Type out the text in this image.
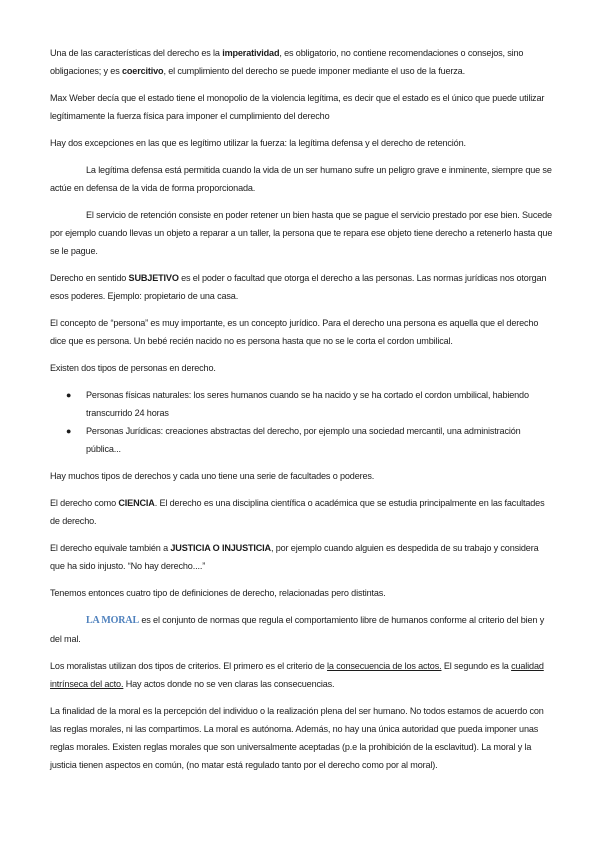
Una de las características del derecho es la imperatividad, es obligatorio, no contiene recomendaciones o consejos, sino obligaciones; y es coercitivo, el cumplimiento del derecho se puede imponer mediante el uso de la fuerza.

Max Weber decía que el estado tiene el monopolio de la violencia legítima, es decir que el estado es el único que puede utilizar legítimamente la fuerza física para imponer el cumplimiento del derecho

Hay dos excepciones en las que es legítimo utilizar la fuerza: la legítima defensa y el derecho de retención.

La legítima defensa está permitida cuando la vida de un ser humano sufre un peligro grave e inminente, siempre que se actúe en defensa de la vida de forma proporcionada.

El servicio de retención consiste en poder retener un bien hasta que se pague el servicio prestado por ese bien. Sucede por ejemplo cuando llevas un objeto a reparar a un taller, la persona que te repara ese objeto tiene derecho a retenerlo hasta que se le pague.

Derecho en sentido SUBJETIVO es el poder o facultad que otorga el derecho a las personas. Las normas jurídicas nos otorgan esos poderes. Ejemplo: propietario de una casa.

El concepto de “persona” es muy importante, es un concepto jurídico. Para el derecho una persona es aquella que el derecho dice que es persona. Un bebé recién nacido no es persona hasta que no se le corta el cordon umbilical.

Existen dos tipos de personas en derecho.

● Personas físicas naturales: los seres humanos cuando se ha nacido y se ha cortado el cordon umbilical, habiendo transcurrido 24 horas
● Personas Jurídicas: creaciones abstractas del derecho, por ejemplo una sociedad mercantil, una administración pública...

Hay muchos tipos de derechos y cada uno tiene una serie de facultades o poderes.

El derecho como CIENCIA. El derecho es una disciplina científica o académica que se estudia principalmente en las facultades de derecho.

El derecho equivale también a JUSTICIA O INJUSTICIA, por ejemplo cuando alguien es despedida de su trabajo y considera que ha sido injusto. “No hay derecho....”

Tenemos entonces cuatro tipo de definiciones de derecho, relacionadas pero distintas.

LA MORAL es el conjunto de normas que regula el comportamiento libre de humanos conforme al criterio del bien y del mal.

Los moralistas utilizan dos tipos de criterios. El primero es el criterio de la consecuencia de los actos. El segundo es la cualidad intrínseca del acto. Hay actos donde no se ven claras las consecuencias.

La finalidad de la moral es la percepción del individuo o la realización plena del ser humano. No todos estamos de acuerdo con las reglas morales, ni las compartimos. La moral es autónoma. Además, no hay una única autoridad que pueda imponer unas reglas morales. Existen reglas morales que son universalmente aceptadas (p.e la prohibición de la esclavitud). La moral y la justicia tienen aspectos en común, (no matar está regulado tanto por el derecho como por al moral).
